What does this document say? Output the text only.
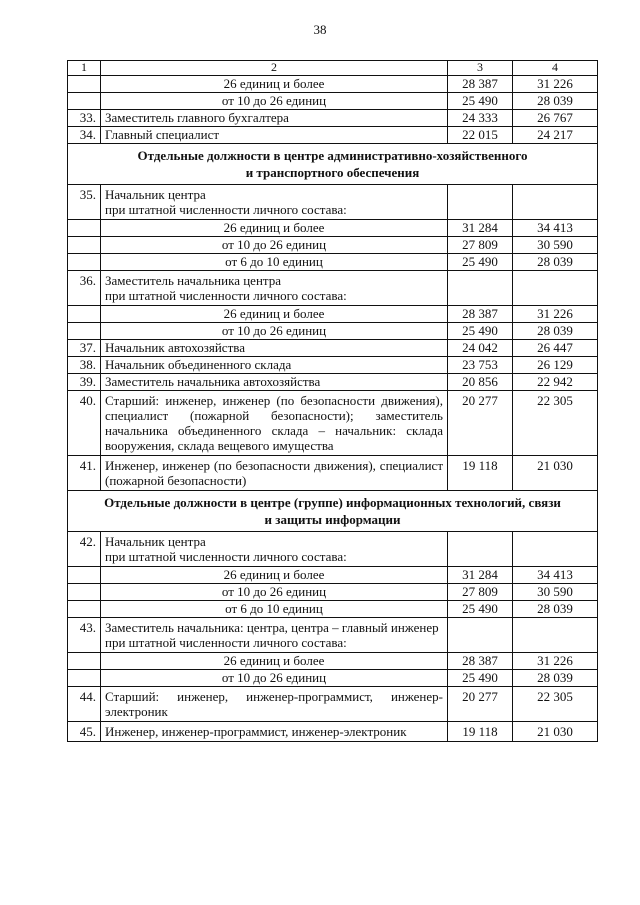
38
1	2	3	4
	26 единиц и более	28 387	31 226
	от 10 до 26 единиц	25 490	28 039
33.	Заместитель главного бухгалтера	24 333	26 767
34.	Главный специалист	22 015	24 217

Отдельные должности в центре административно-хозяйственного
и транспортного обеспечения			

35.	Начальник центра
при штатной численности личного состава:		

	26 единиц и более	31 284	34 413
	от 10 до 26 единиц	27 809	30 590
	от 6 до 10 единиц	25 490	28 039
36.	Заместитель начальника центра
при штатной численности личного состава:		

	26 единиц и более	28 387	31 226
	от 10 до 26 единиц	25 490	28 039
37.	Начальник автохозяйства	24 042	26 447
38.	Начальник объединенного склада	23 753	26 129
39.	Заместитель начальника автохозяйства	20 856	22 942
40.	Старший: инженер, инженер (по безопасности движения), специалист (пожарной безопасности); заместитель начальника объединенного склада – начальник: склада вооружения, склада вещевого имущества	20 277	22 305
41.	Инженер, инженер (по безопасности движения), специалист (пожарной безопасности)	19 118	21 030

Отдельные должности в центре (группе) информационных технологий, связи
и защиты информации			

42.	Начальник центра
при штатной численности личного состава:		

	26 единиц и более	31 284	34 413
	от 10 до 26 единиц	27 809	30 590
	от 6 до 10 единиц	25 490	28 039
43.	Заместитель начальника: центра, центра – главный инженер
при штатной численности личного состава:		

	26 единиц и более	28 387	31 226
	от 10 до 26 единиц	25 490	28 039
44.	Старший: инженер, инженер-программист, инженер-электроник	20 277	22 305
45.	Инженер, инженер-программист, инженер-электроник	19 118	21 030
